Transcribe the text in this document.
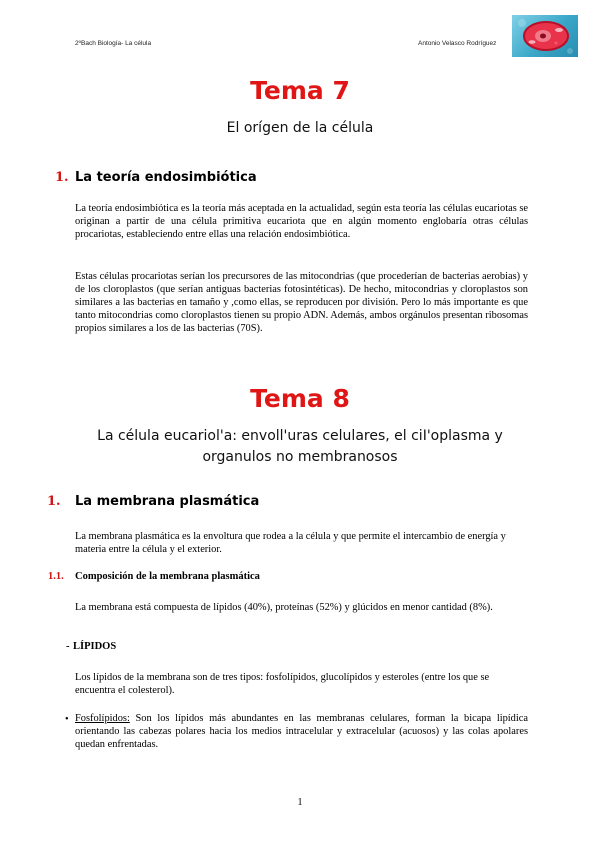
2ºBach Biología- La célula	Antonio Velasco Rodríguez
Tema 7
El orígen de la célula
1. La teoría endosimbiótica
La teoría endosimbiótica es la teoría más aceptada en la actualidad, según esta teoría las células eucariotas se originan a partir de una célula primitiva eucariota que en algún momento englobaría otras células procariotas, estableciendo entre ellas una relación endosimbiótica.
Estas células procariotas serían los precursores de las mitocondrias (que procederían de bacterias aerobias) y de los cloroplastos (que serían antiguas bacterias fotosintéticas). De hecho, mitocondrias y cloroplastos son similares a las bacterias en tamaño y ,como ellas, se reproducen por división. Pero lo más importante es que tanto mitocondrias como cloroplastos tienen su propio ADN. Además, ambos orgánulos presentan ribosomas propios similares a los de las bacterias (70S).
Tema 8
La célula eucariol'a: envoll'uras celulares, el ciI'oplasma y
organulos no membranosos
1. La membrana plasmática
La membrana plasmática es la envoltura que rodea a la célula y que permite el intercambio de energía y materia entre la célula y el exterior.
1.1. Composición de la membrana plasmática
La membrana está compuesta de lípidos (40%), proteínas (52%) y glúcidos en menor cantidad (8%).
- LÍPIDOS
Los lípidos de la membrana son de tres tipos: fosfolípidos, glucolípidos y esteroles (entre los que se encuentra el colesterol).
• Fosfolípidos: Son los lípidos más abundantes en las membranas celulares, forman la bicapa lipídica orientando las cabezas polares hacia los medios intracelular y extracelular (acuosos) y las colas apolares quedan enfrentadas.
1
